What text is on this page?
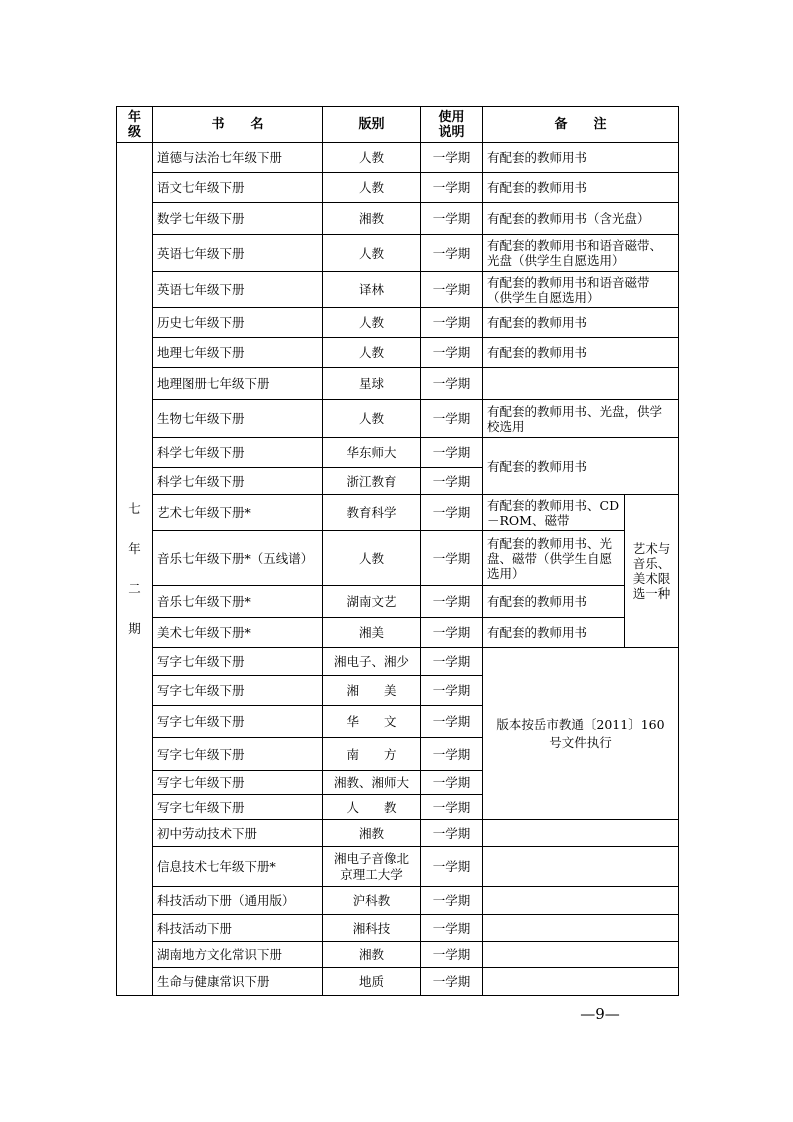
年级	书　　名	版别	使用说明	备　　注	
七
年
二
期	道德与法治七年级下册	人教	一学期	有配套的教师用书	
	语文七年级下册	人教	一学期	有配套的教师用书	
	数学七年级下册	湘教	一学期	有配套的教师用书（含光盘）	
	英语七年级下册	人教	一学期	有配套的教师用书和语音磁带、光盘（供学生自愿选用）	
	英语七年级下册	译林	一学期	有配套的教师用书和语音磁带（供学生自愿选用）	
	历史七年级下册	人教	一学期	有配套的教师用书	
	地理七年级下册	人教	一学期	有配套的教师用书	
	地理图册七年级下册	星球	一学期		
	生物七年级下册	人教	一学期	有配套的教师用书、光盘，供学校选用	
	科学七年级下册	华东师大	一学期	有配套的教师用书	
	科学七年级下册	浙江教育	一学期		
	艺术七年级下册*	教育科学	一学期	有配套的教师用书、CD－ROM、磁带	艺术与音乐、美术限选一种
	音乐七年级下册*（五线谱）	人教	一学期	有配套的教师用书、光盘、磁带（供学生自愿选用）	
	音乐七年级下册*	湖南文艺	一学期	有配套的教师用书	
	美术七年级下册*	湘美	一学期	有配套的教师用书	
	写字七年级下册	湘电子、湘少	一学期	版本按岳市教通〔2011〕160号文件执行	
	写字七年级下册	湘　　美	一学期		
	写字七年级下册	华　　文	一学期		
	写字七年级下册	南　　方	一学期		
	写字七年级下册	湘教、湘师大	一学期		
	写字七年级下册	人　　教	一学期		
	初中劳动技术下册	湘教	一学期		
	信息技术七年级下册*	湘电子音像北京理工大学	一学期		
	科技活动下册（通用版）	沪科教	一学期		
	科技活动下册	湘科技	一学期		
	湖南地方文化常识下册	湘教	一学期		
	生命与健康常识下册	地质	一学期		
—9—
